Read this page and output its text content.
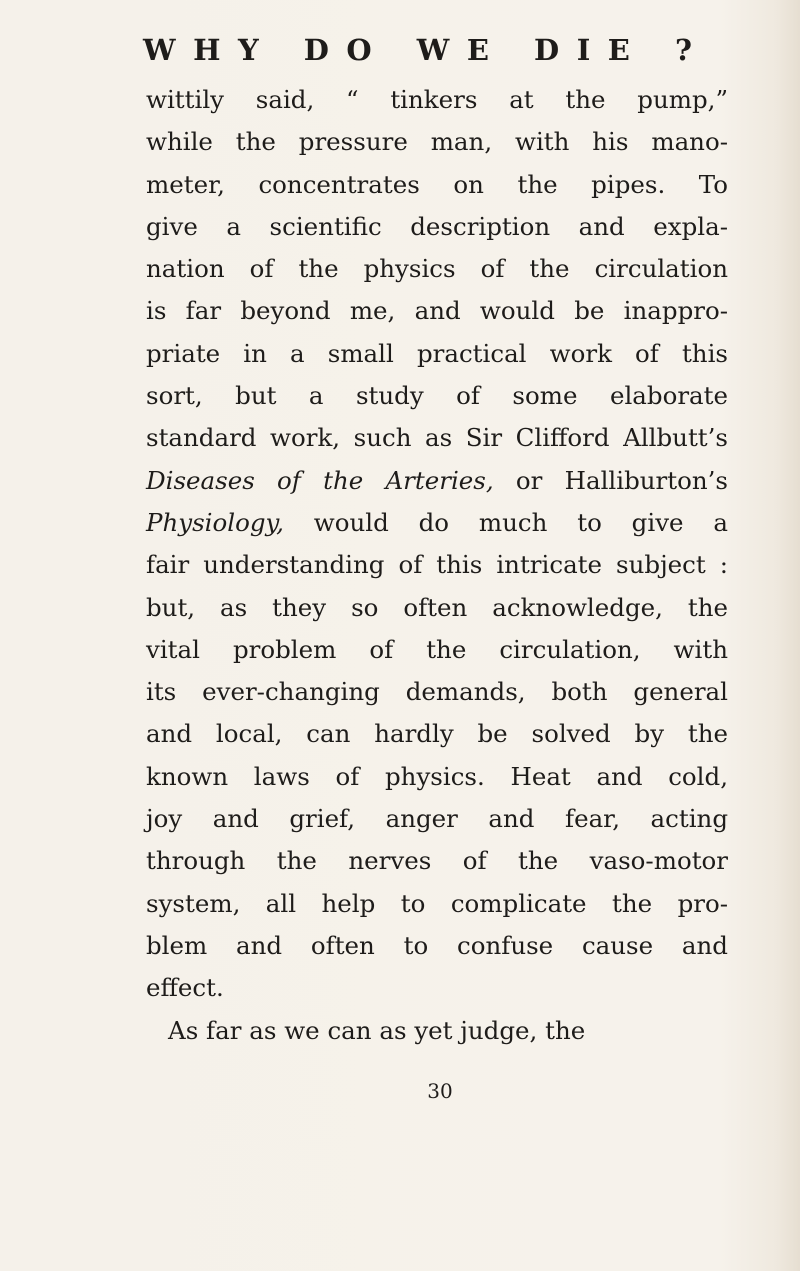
WHY DO WE DIE ?
wittily said, “ tinkers at the pump,”
while the pressure man, with his mano-
meter, concentrates on the pipes. To
give a scientific description and expla-
nation of the physics of the circulation
is far beyond me, and would be inappro-
priate in a small practical work of this
sort, but a study of some elaborate
standard work, such as Sir Clifford Allbutt’s
Diseases of the Arteries, or Halliburton’s
Physiology, would do much to give a
fair understanding of this intricate subject :
but, as they so often acknowledge, the
vital problem of the circulation, with
its ever-changing demands, both general
and local, can hardly be solved by the
known laws of physics. Heat and cold,
joy and grief, anger and fear, acting
through the nerves of the vaso-motor
system, all help to complicate the pro-
blem and often to confuse cause and
effect.
As far as we can as yet judge, the
30
